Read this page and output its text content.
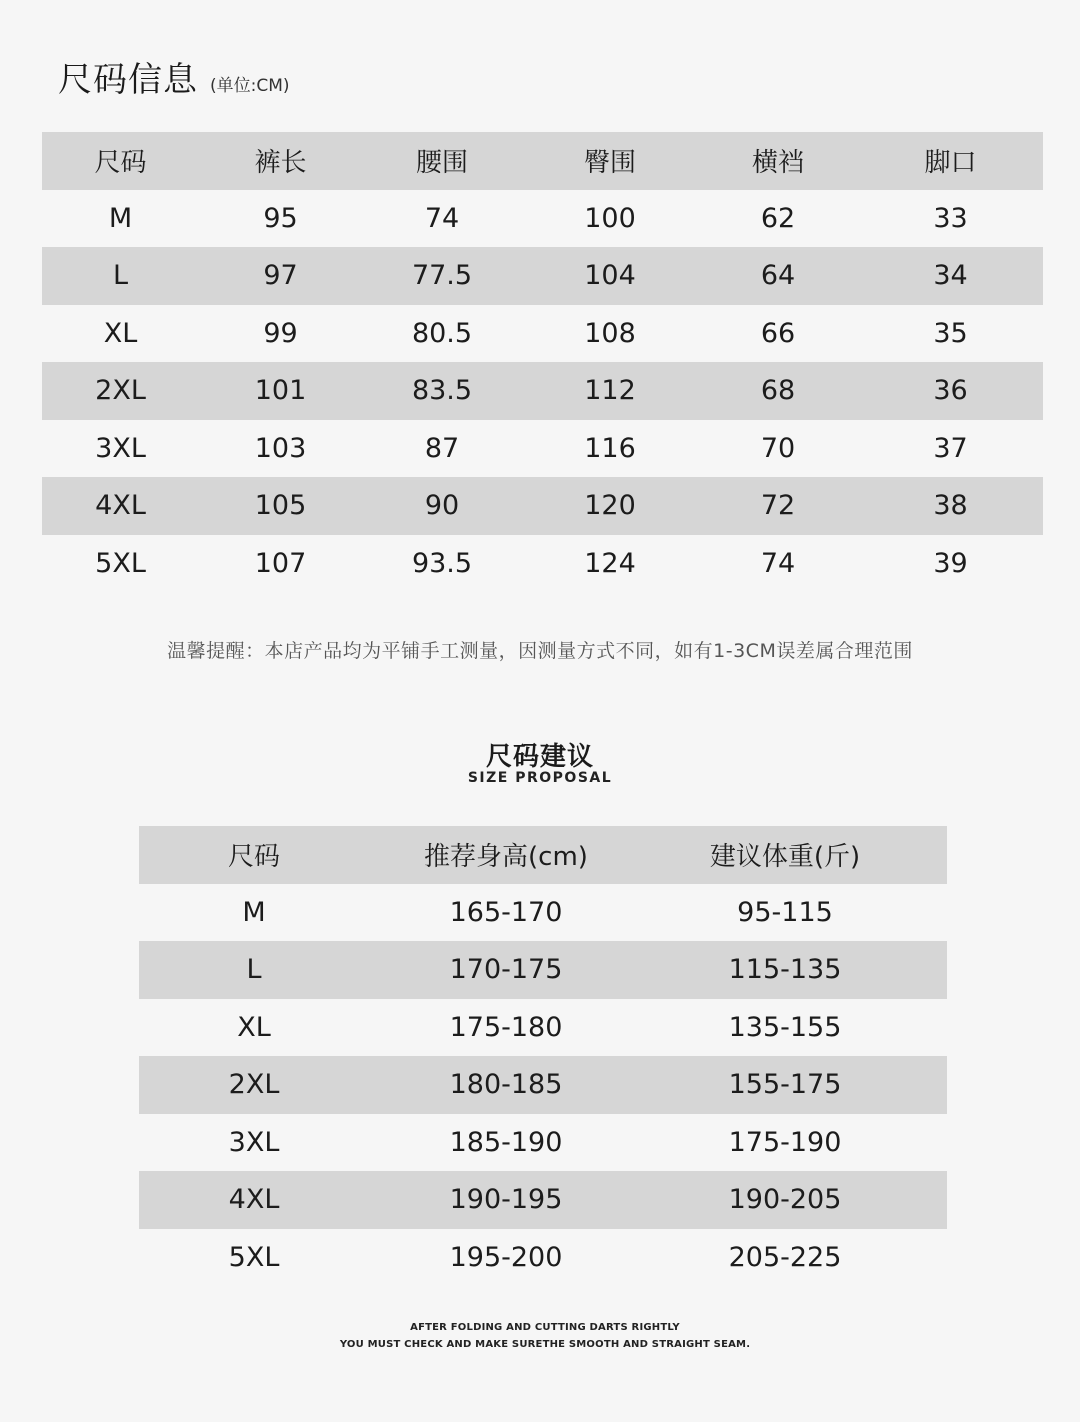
尺码信息 (单位:CM)
尺码	裤长	腰围	臀围	横裆	脚口
M	95	74	100	62	33
L	97	77.5	104	64	34
XL	99	80.5	108	66	35
2XL	101	83.5	112	68	36
3XL	103	87	116	70	37
4XL	105	90	120	72	38
5XL	107	93.5	124	74	39
温馨提醒：本店产品均为平铺手工测量，因测量方式不同，如有1-3CM误差属合理范围
尺码建议
SIZE PROPOSAL
尺码	推荐身高(cm)	建议体重(斤)
M	165-170	95-115
L	170-175	115-135
XL	175-180	135-155
2XL	180-185	155-175
3XL	185-190	175-190
4XL	190-195	190-205
5XL	195-200	205-225
AFTER FOLDING AND CUTTING DARTS RIGHTLY
YOU MUST CHECK AND MAKE SURETHE SMOOTH AND STRAIGHT SEAM.
